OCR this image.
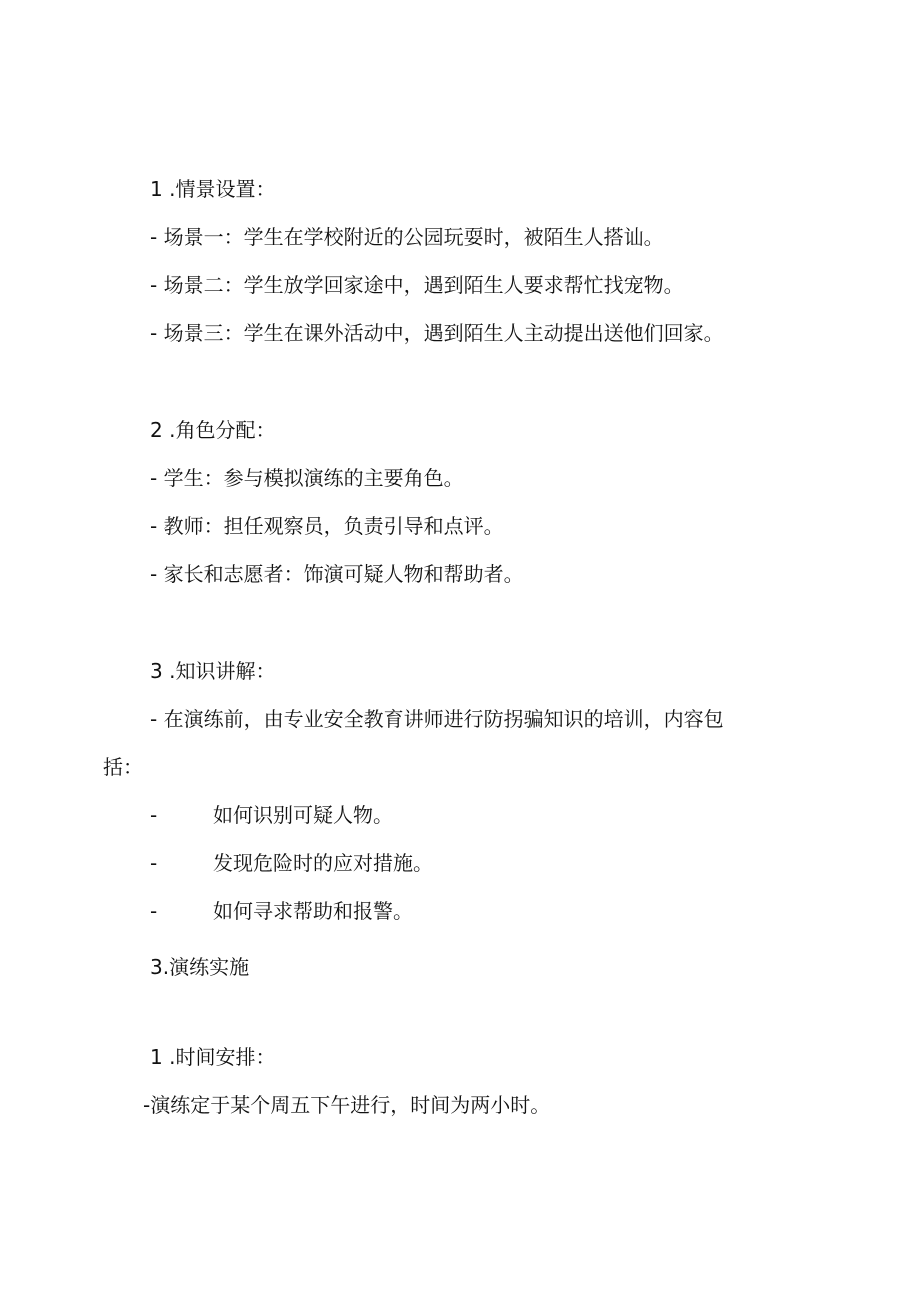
1 .情景设置：
- 场景一：学生在学校附近的公园玩耍时，被陌生人搭讪。
- 场景二：学生放学回家途中，遇到陌生人要求帮忙找宠物。
- 场景三：学生在课外活动中，遇到陌生人主动提出送他们回家。
2 .角色分配：
- 学生：参与模拟演练的主要角色。
- 教师：担任观察员，负责引导和点评。
- 家长和志愿者：饰演可疑人物和帮助者。
3 .知识讲解：
- 在演练前，由专业安全教育讲师进行防拐骗知识的培训，内容包
括：
-	如何识别可疑人物。
-	发现危险时的应对措施。
-	如何寻求帮助和报警。
3.演练实施
1 .时间安排：
-演练定于某个周五下午进行，时间为两小时。
